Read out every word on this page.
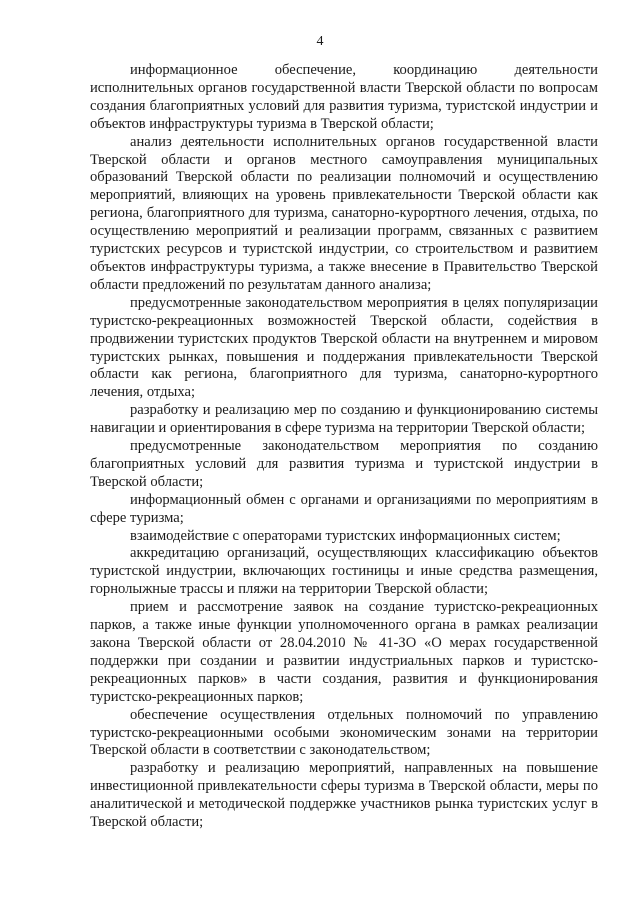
4

информационное обеспечение, координацию деятельности исполнительных органов государственной власти Тверской области по вопросам создания благоприятных условий для развития туризма, туристской индустрии и объектов инфраструктуры туризма в Тверской области;

анализ деятельности исполнительных органов государственной власти Тверской области и органов местного самоуправления муниципальных образований Тверской области по реализации полномочий и осуществлению мероприятий, влияющих на уровень привлекательности Тверской области как региона, благоприятного для туризма, санаторно-курортного лечения, отдыха, по осуществлению мероприятий и реализации программ, связанных с развитием туристских ресурсов и туристской индустрии, со строительством и развитием объектов инфраструктуры туризма, а также внесение в Правительство Тверской области предложений по результатам данного анализа;

предусмотренные законодательством мероприятия в целях популяризации туристско-рекреационных возможностей Тверской области, содействия в продвижении туристских продуктов Тверской области на внутреннем и мировом туристских рынках, повышения и поддержания привлекательности Тверской области как региона, благоприятного для туризма, санаторно-курортного лечения, отдыха;

разработку и реализацию мер по созданию и функционированию системы навигации и ориентирования в сфере туризма на территории Тверской области;

предусмотренные законодательством мероприятия по созданию благоприятных условий для развития туризма и туристской индустрии в Тверской области;

информационный обмен с органами и организациями по мероприятиям в сфере туризма;

взаимодействие с операторами туристских информационных систем;

аккредитацию организаций, осуществляющих классификацию объектов туристской индустрии, включающих гостиницы и иные средства размещения, горнолыжные трассы и пляжи на территории Тверской области;

прием и рассмотрение заявок на создание туристско-рекреационных парков, а также иные функции уполномоченного органа в рамках реализации закона Тверской области от 28.04.2010 № 41-ЗО «О мерах государственной поддержки при создании и развитии индустриальных парков и туристско-рекреационных парков» в части создания, развития и функционирования туристско-рекреационных парков;

обеспечение осуществления отдельных полномочий по управлению туристско-рекреационными особыми экономическим зонами на территории Тверской области в соответствии с законодательством;

разработку и реализацию мероприятий, направленных на повышение инвестиционной привлекательности сферы туризма в Тверской области, меры по аналитической и методической поддержке участников рынка туристских услуг в Тверской области;
